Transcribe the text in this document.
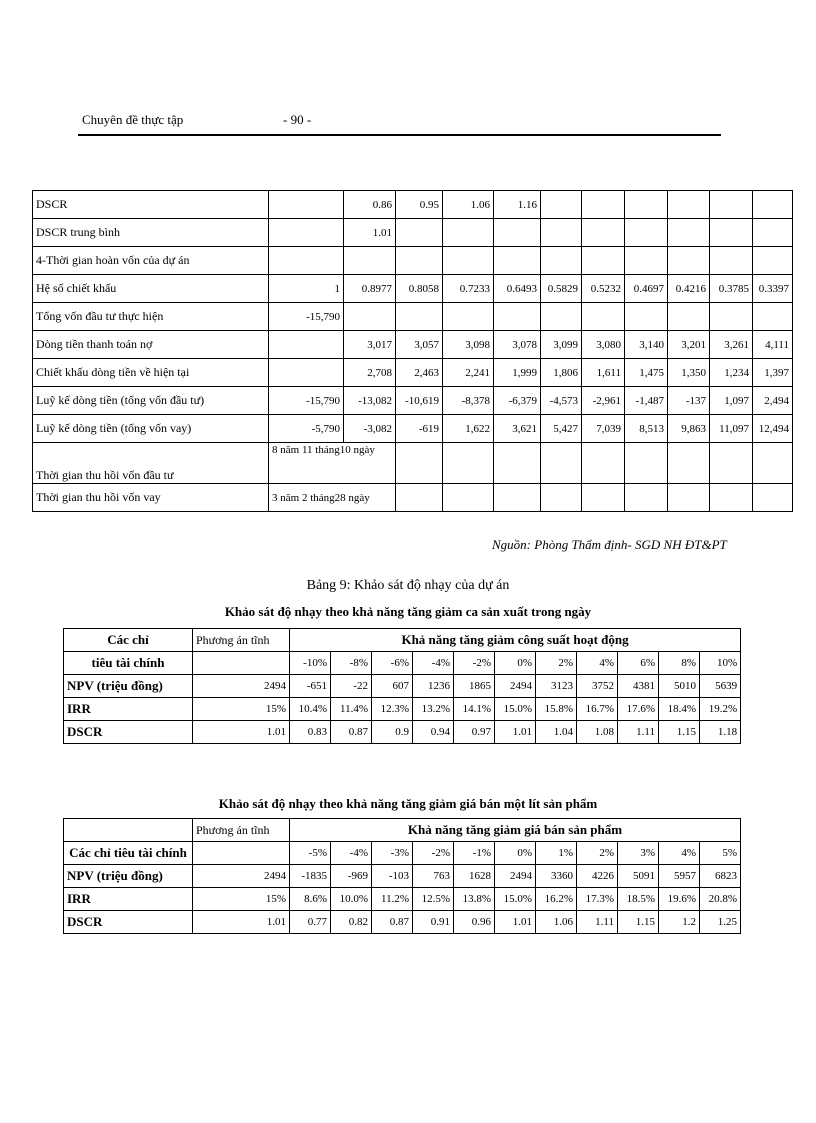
Chuyên đề thực tập	- 90 -
DSCR		0.86	0.95	1.06	1.16						
DSCR trung bình		1.01									
4-Thời gian hoàn vốn của dự án											
Hệ số chiết khấu	1	0.8977	0.8058	0.7233	0.6493	0.5829	0.5232	0.4697	0.4216	0.3785	0.3397
Tổng vốn đầu tư thực hiện	-15,790										
Dòng tiền thanh toán nợ		3,017	3,057	3,098	3,078	3,099	3,080	3,140	3,201	3,261	4,111
Chiết khấu dòng tiền về hiện tại		2,708	2,463	2,241	1,999	1,806	1,611	1,475	1,350	1,234	1,397
Luỹ kế dòng tiền (tổng vốn đầu tư)	-15,790	-13,082	-10,619	-8,378	-6,379	-4,573	-2,961	-1,487	-137	1,097	2,494
Luỹ kế dòng tiền (tổng vốn vay)	-5,790	-3,082	-619	1,622	3,621	5,427	7,039	8,513	9,863	11,097	12,494
Thời gian thu hồi vốn đầu tư	8 năm 11 tháng10 ngày										
Thời gian thu hồi vốn vay	3 năm 2 tháng28 ngày										
Nguồn: Phòng Thẩm định- SGD NH ĐT&PT
Bảng 9: Khảo sát độ nhạy của dự án
Khảo sát độ nhạy theo khả năng tăng giảm ca sản xuất trong ngày
Các chỉ	Phương án tĩnh	Khả năng tăng giảm công suất hoạt động										
tiêu tài chính		-10%	-8%	-6%	-4%	-2%	0%	2%	4%	6%	8%	10%
NPV (triệu đồng)	2494	-651	-22	607	1236	1865	2494	3123	3752	4381	5010	5639
IRR	15%	10.4%	11.4%	12.3%	13.2%	14.1%	15.0%	15.8%	16.7%	17.6%	18.4%	19.2%
DSCR	1.01	0.83	0.87	0.9	0.94	0.97	1.01	1.04	1.08	1.11	1.15	1.18
Khảo sát độ nhạy theo khả năng tăng giảm giá bán một lít sản phẩm
	Phương án tĩnh	Khả năng tăng giảm giá bán sản phẩm										
Các chỉ tiêu tài chính		-5%	-4%	-3%	-2%	-1%	0%	1%	2%	3%	4%	5%
NPV (triệu đồng)	2494	-1835	-969	-103	763	1628	2494	3360	4226	5091	5957	6823
IRR	15%	8.6%	10.0%	11.2%	12.5%	13.8%	15.0%	16.2%	17.3%	18.5%	19.6%	20.8%
DSCR	1.01	0.77	0.82	0.87	0.91	0.96	1.01	1.06	1.11	1.15	1.2	1.25
